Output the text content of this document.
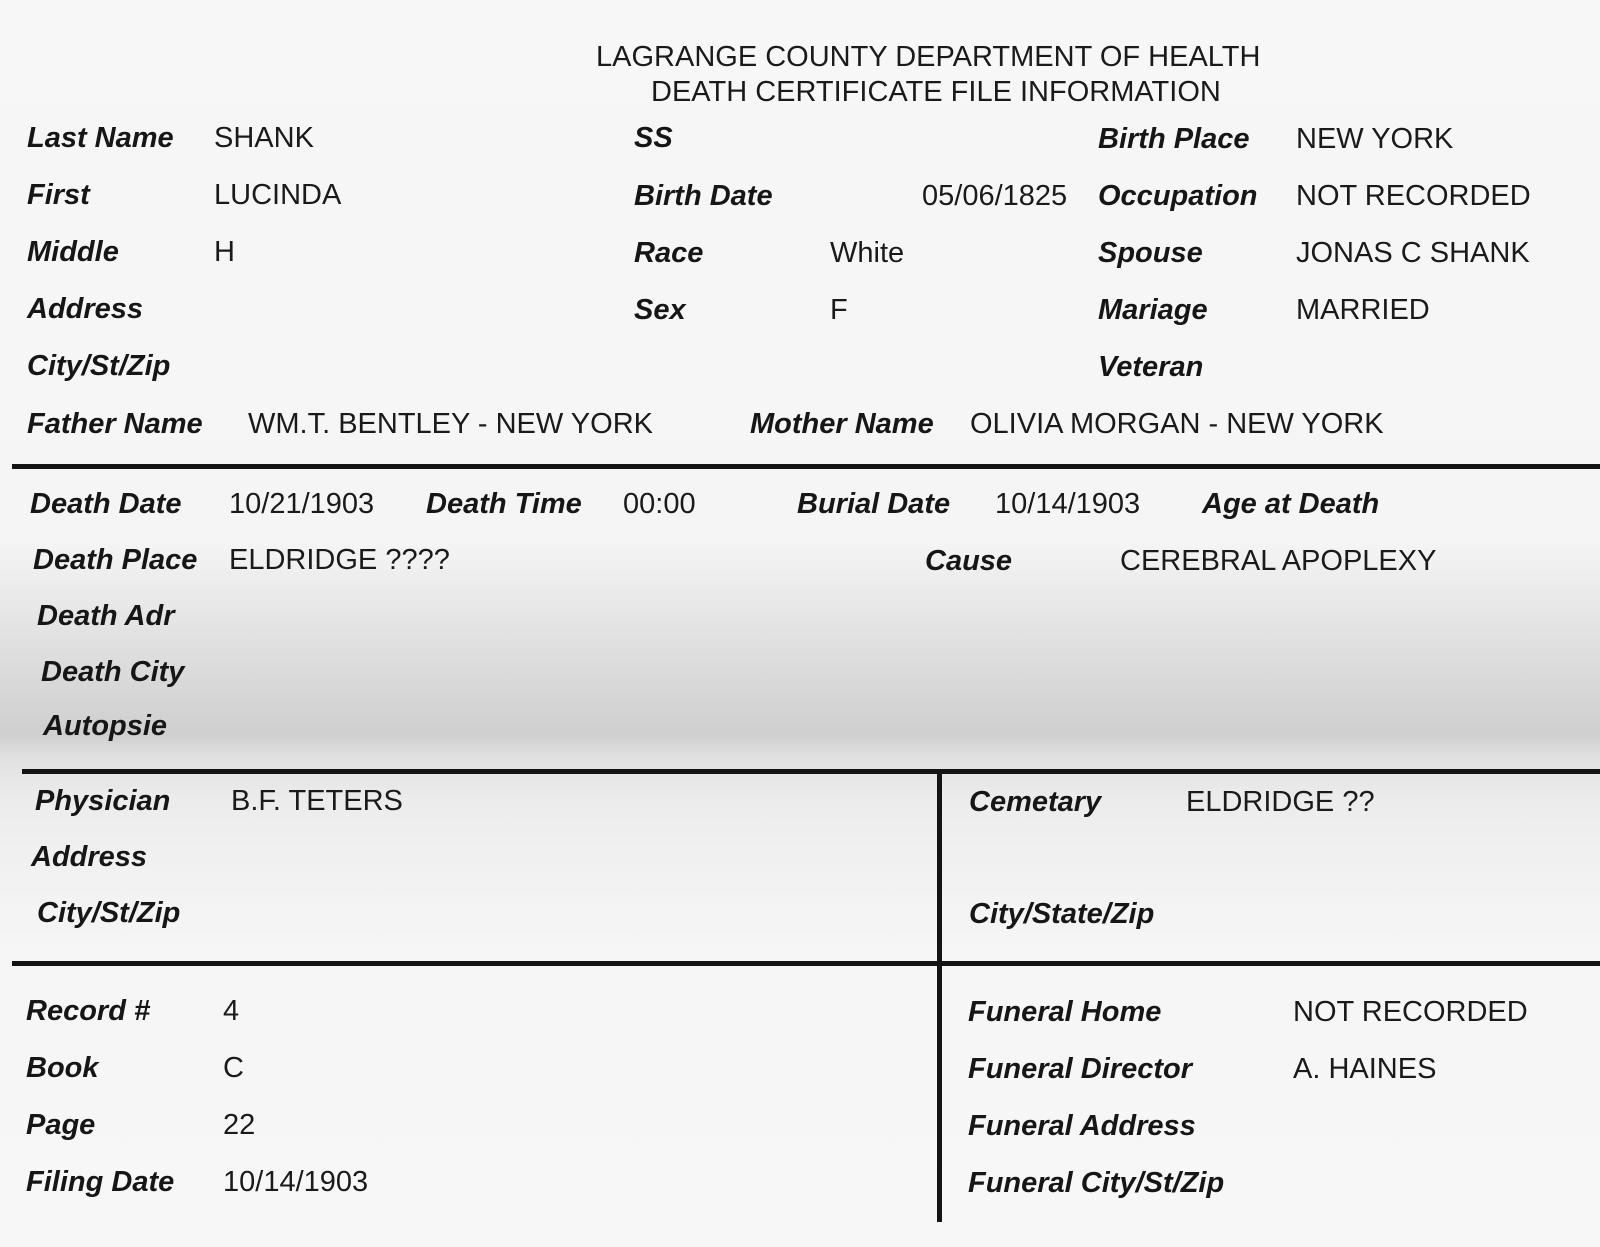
LAGRANGE COUNTY DEPARTMENT OF HEALTH
DEATH CERTIFICATE FILE INFORMATION
Last Name SHANK
First	LUCINDA
Middle	H
Address
City/St/Zip
SS
Birth Date	05/06/1825
Race	White
Sex	F
Birth Place NEW YORK
Occupation NOT RECORDED
Spouse	JONAS C SHANK
Mariage	MARRIED
Veteran
Father Name WM.T. BENTLEY - NEW YORK	Mother Name OLIVIA MORGAN - NEW YORK
Death Date 10/21/1903 Death Time 00:00	Burial Date 10/14/1903 Age at Death
Death Place ELDRIDGE ????	Cause	CEREBRAL APOPLEXY
Death Adr
Death City
Autopsie
Physician B.F. TETERS
Address
City/St/Zip
Cemetary	ELDRIDGE ??
City/State/Zip
Record #	4
Book	C
Page	22
Filing Date 10/14/1903
Funeral Home	NOT RECORDED
Funeral Director	A. HAINES
Funeral Address
Funeral City/St/Zip
